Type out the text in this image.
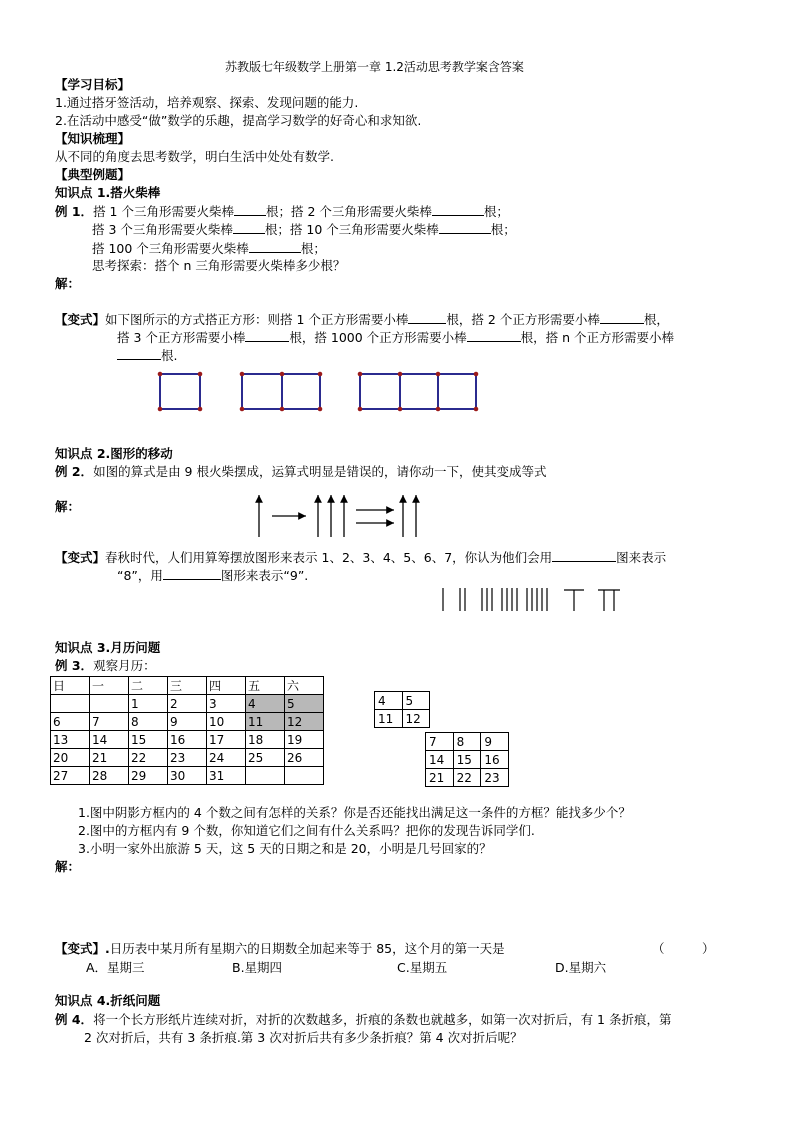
苏教版七年级数学上册第一章 1.2活动思考教学案含答案
【学习目标】
1.通过搭牙签活动，培养观察、探索、发现问题的能力.
2.在活动中感受“做”数学的乐趣，提高学习数学的好奇心和求知欲.
【知识梳理】
从不同的角度去思考数学，明白生活中处处有数学.
【典型例题】
知识点 1.搭火柴棒
例 1．搭 1 个三角形需要火柴棒	根；搭 2 个三角形需要火柴棒	根；
搭 3 个三角形需要火柴棒	根；搭 10 个三角形需要火柴棒	根；
搭 100 个三角形需要火柴棒	根；
思考探索：搭个 n 三角形需要火柴棒多少根？
解：
【变式】如下图所示的方式搭正方形：则搭 1 个正方形需要小棒	根，搭 2 个正方形需要小棒	根，
搭 3 个正方形需要小棒	根，搭 1000 个正方形需要小棒	根，搭 n 个正方形需要小棒
根.
知识点 2.图形的移动
例 2．如图的算式是由 9 根火柴摆成，运算式明显是错误的，请你动一下，使其变成等式
解：
【变式】春秋时代，人们用算筹摆放图形来表示 1、2、3、4、5、6、7，你认为他们会用	图来表示
“8”，用	图形来表示“9”.
知识点 3.月历问题
例 3．观察月历：
日	一	二	三	四	五	六
		1	2	3	4	5
6	7	8	9	10	11	12
13	14	15	16	17	18	19
20	21	22	23	24	25	26
27	28	29	30	31		
4	5
11	12
7	8	9
14	15	16
21	22	23
1.图中阴影方框内的 4 个数之间有怎样的关系？你是否还能找出满足这一条件的方框？能找多少个？
2.图中的方框内有 9 个数，你知道它们之间有什么关系吗？把你的发现告诉同学们.
3.小明一家外出旅游 5 天，这 5 天的日期之和是 20，小明是几号回家的？
解：
【变式】.日历表中某月所有星期六的日期数全加起来等于 85，这个月的第一天是	（　　　）
A．星期三	B.星期四	C.星期五	D.星期六
知识点 4.折纸问题
例 4．将一个长方形纸片连续对折，对折的次数越多，折痕的条数也就越多，如第一次对折后，有 1 条折痕，第
2 次对折后，共有 3 条折痕.第 3 次对折后共有多少条折痕？第 4 次对折后呢？
